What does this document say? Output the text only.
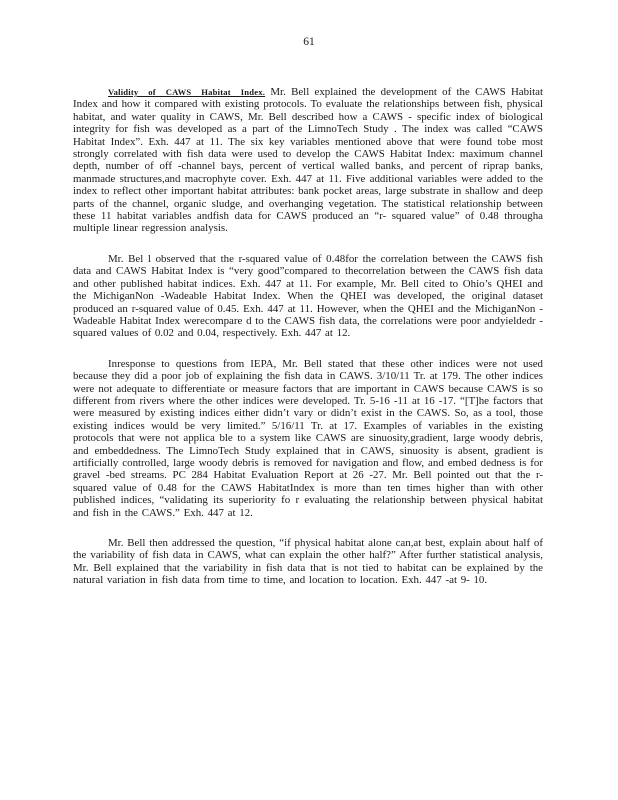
61

Validity of CAWS Habitat Index. Mr. Bell explained the development of the CAWS Habitat Index and how it compared with existing protocols. To evaluate the relationships between fish, physical habitat, and water quality in CAWS, Mr. Bell described how a CAWS - specific index of biological integrity for fish was developed as a part of the LimnoTech Study . The index was called “CAWS Habitat Index”. Exh. 447 at 11. The six key variables mentioned above that were found tobe most strongly correlated with fish data were used to develop the CAWS Habitat Index: maximum channel depth, number of off -channel bays, percent of vertical walled banks, and percent of riprap banks, manmade structures,and macrophyte cover. Exh. 447 at 11. Five additional variables were added to the index to reflect other important habitat attributes: bank pocket areas, large substrate in shallow and deep parts of the channel, organic sludge, and overhanging vegetation. The statistical relationship between these 11 habitat variables andfish data for CAWS produced an “r- squared value” of 0.48 througha multiple linear regression analysis.

Mr. Bel l observed that the r-squared value of 0.48for the correlation between the CAWS fish data and CAWS Habitat Index is “very good”compared to thecorrelation between the CAWS fish data and other published habitat indices. Exh. 447 at 11. For example, Mr. Bell cited to Ohio’s QHEI and the MichiganNon -Wadeable Habitat Index. When the QHEI was developed, the original dataset produced an r-squared value of 0.45. Exh. 447 at 11. However, when the QHEI and the MichiganNon -Wadeable Habitat Index werecompare d to the CAWS fish data, the correlations were poor andyieldedr -squared values of 0.02 and 0.04, respectively. Exh. 447 at 12.

Inresponse to questions from IEPA, Mr. Bell stated that these other indices were not used because they did a poor job of explaining the fish data in CAWS. 3/10/11 Tr. at 179. The other indices were not adequate to differentiate or measure factors that are important in CAWS because CAWS is so different from rivers where the other indices were developed. Tr. 5-16 -11 at 16 -17. “[T]he factors that were measured by existing indices either didn’t vary or didn’t exist in the CAWS. So, as a tool, those existing indices would be very limited.” 5/16/11 Tr. at 17. Examples of variables in the existing protocols that were not applica ble to a system like CAWS are sinuosity,gradient, large woody debris, and embeddedness. The LimnoTech Study explained that in CAWS, sinuosity is absent, gradient is artificially controlled, large woody debris is removed for navigation and flow, and embed dedness is for gravel -bed streams. PC 284 Habitat Evaluation Report at 26 -27. Mr. Bell pointed out that the r-squared value of 0.48 for the CAWS HabitatIndex is more than ten times higher than with other published indices, “validating its superiority fo r evaluating the relationship between physical habitat and fish in the CAWS.” Exh. 447 at 12.

Mr. Bell then addressed the question, “if physical habitat alone can,at best, explain about half of the variability of fish data in CAWS, what can explain the other half?” After further statistical analysis, Mr. Bell explained that the variability in fish data that is not tied to habitat can be explained by the natural variation in fish data from time to time, and location to location. Exh. 447 -at 9- 10.
